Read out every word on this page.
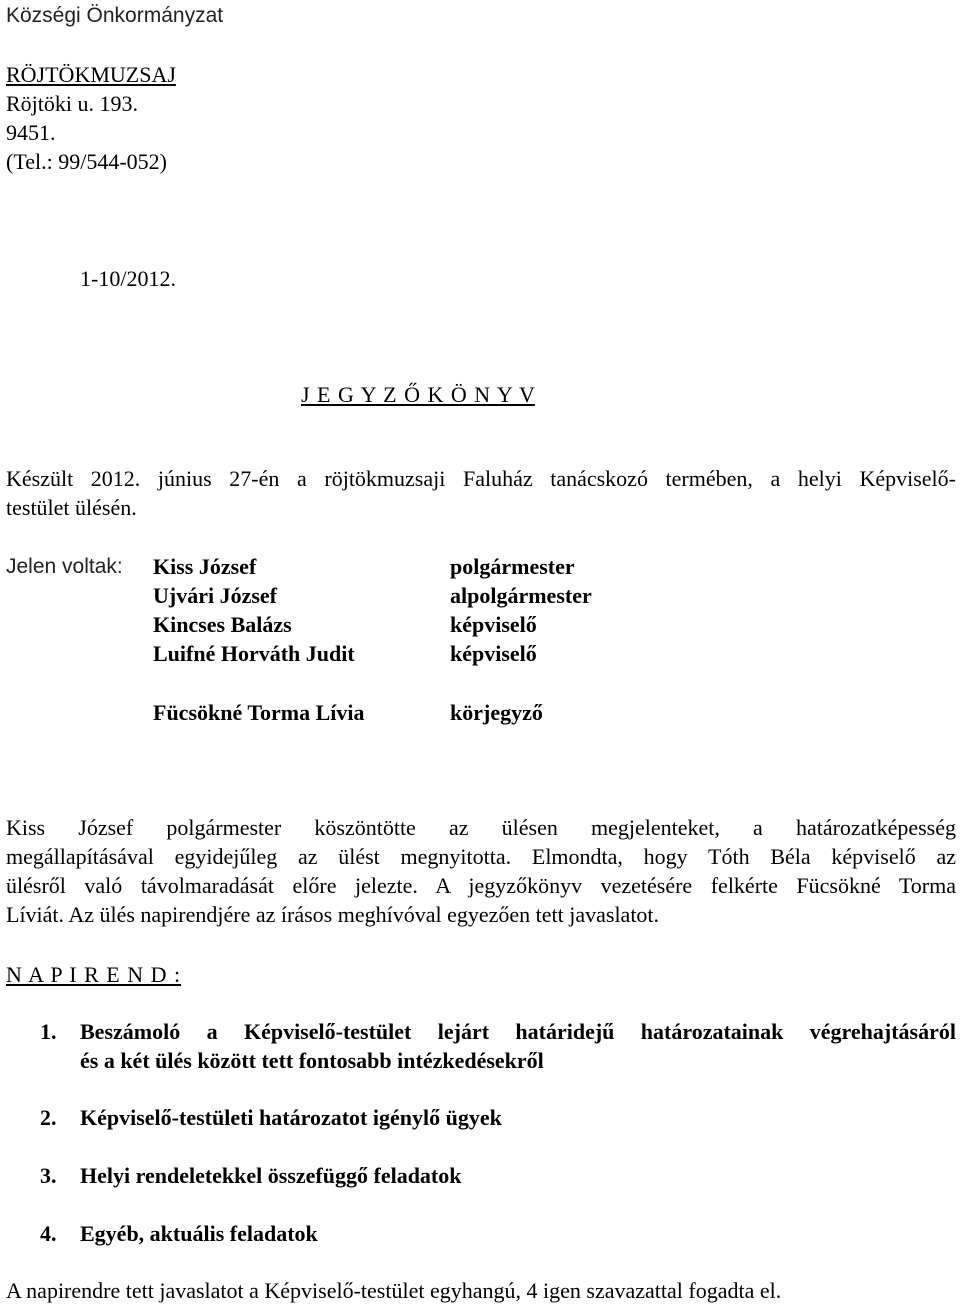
Községi Önkormányzat
RÖJTÖKMUZSAJ
Röjtöki u. 193.
9451.
(Tel.: 99/544-052)
1-10/2012.
J E G Y Z Ő K Ö N Y V
Készült 2012. június 27-én a röjtökmuzsaji Faluház tanácskozó termében, a helyi Képviselő-
testület ülésén.
Jelen voltak: Kiss József	polgármester
Ujvári József	alpolgármester
Kincses Balázs	képviselő
Luifné Horváth Judit	képviselő
Fücsökné Torma Lívia	körjegyző
Kiss József polgármester köszöntötte az ülésen megjelenteket, a határozatképesség
megállapításával egyidejűleg az ülést megnyitotta. Elmondta, hogy Tóth Béla képviselő az
ülésről való távolmaradását előre jelezte. A jegyzőkönyv vezetésére felkérte Fücsökné Torma
Líviát. Az ülés napirendjére az írásos meghívóval egyezően tett javaslatot.
N A P I R E N D :
1. Beszámoló a Képviselő-testület lejárt határidejű határozatainak végrehajtásáról
és a két ülés között tett fontosabb intézkedésekről
2. Képviselő-testületi határozatot igénylő ügyek
3. Helyi rendeletekkel összefüggő feladatok
4. Egyéb, aktuális feladatok
A napirendre tett javaslatot a Képviselő-testület egyhangú, 4 igen szavazattal fogadta el.
